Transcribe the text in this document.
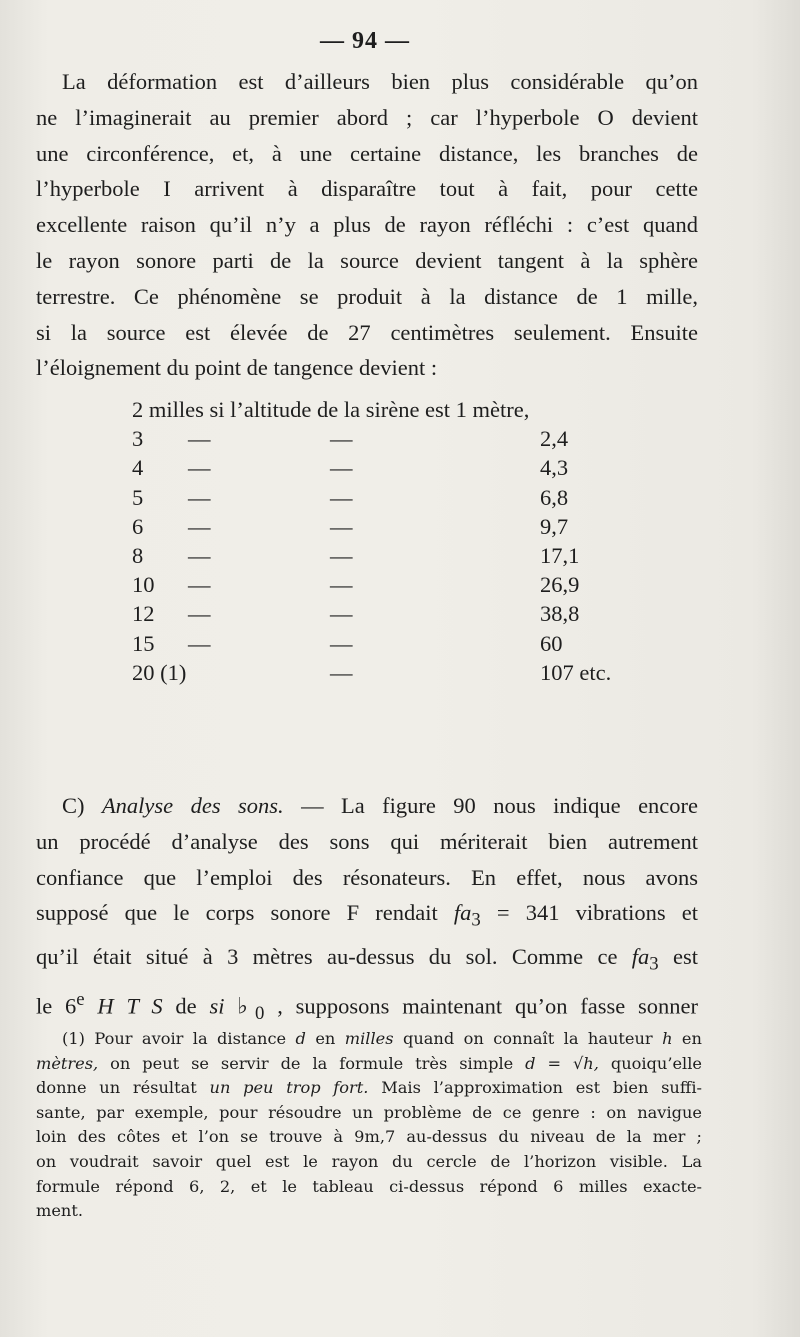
— 94 —
La déformation est d’ailleurs bien plus considérable qu’on
ne l’imaginerait au premier abord ; car l’hyperbole O devient
une circonférence, et, à une certaine distance, les branches de
l’hyperbole I arrivent à disparaître tout à fait, pour cette
excellente raison qu’il n’y a plus de rayon réfléchi : c’est quand
le rayon sonore parti de la source devient tangent à la sphère
terrestre. Ce phénomène se produit à la distance de 1 mille,
si la source est élevée de 27 centimètres seulement. Ensuite
l’éloignement du point de tangence devient :
2 milles si l’altitude de la sirène est 1 mètre,
3 —	—	2,4
4 —	—	4,3
5 —	—	6,8
6 —	—	9,7
8 —	—	17,1
10 —	—	26,9
12 —	—	38,8
15 —	—	60
20 (1)	—	107 etc.
C) Analyse des sons. — La figure 90 nous indique encore
un procédé d’analyse des sons qui mériterait bien autrement
confiance que l’emploi des résonateurs. En effet, nous avons
supposé que le corps sonore F rendait $fa_3 = 341$ vibrations et
qu’il était situé à 3 mètres au-dessus du sol. Comme ce $fa_3$ est
le 6e H T S de si $♭_0$ , supposons maintenant qu’on fasse sonner
(1) Pour avoir la distance d en milles quand on connaît la hauteur h en
mètres, on peut se servir de la formule très simple d = √h, quoiqu’elle
donne un résultat un peu trop fort. Mais l’approximation est bien suffi-
sante, par exemple, pour résoudre un problème de ce genre : on navigue
loin des côtes et l’on se trouve à 9m,7 au-dessus du niveau de la mer ;
on voudrait savoir quel est le rayon du cercle de l’horizon visible. La
formule répond 6, 2, et le tableau ci-dessus répond 6 milles exacte-
ment.
